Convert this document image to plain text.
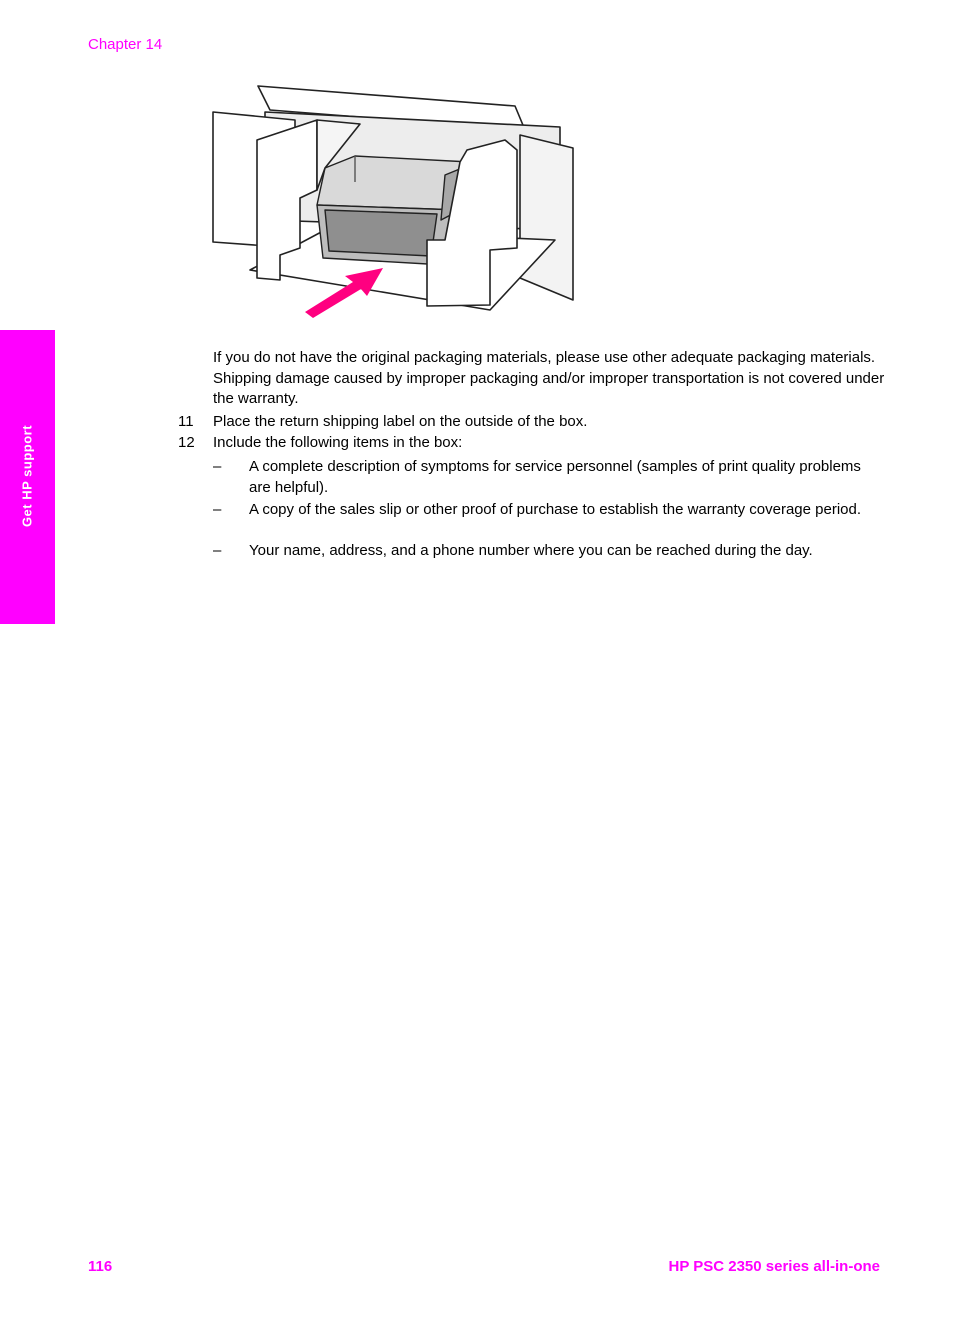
Chapter 14
Get HP support
If you do not have the original packaging materials, please use other adequate packaging materials. Shipping damage caused by improper packaging and/or improper transportation is not covered under the warranty.
11 Place the return shipping label on the outside of the box.
12 Include the following items in the box:
– A complete description of symptoms for service personnel (samples of print quality problems are helpful).
– A copy of the sales slip or other proof of purchase to establish the warranty coverage period.
– Your name, address, and a phone number where you can be reached during the day.
116	HP PSC 2350 series all-in-one
